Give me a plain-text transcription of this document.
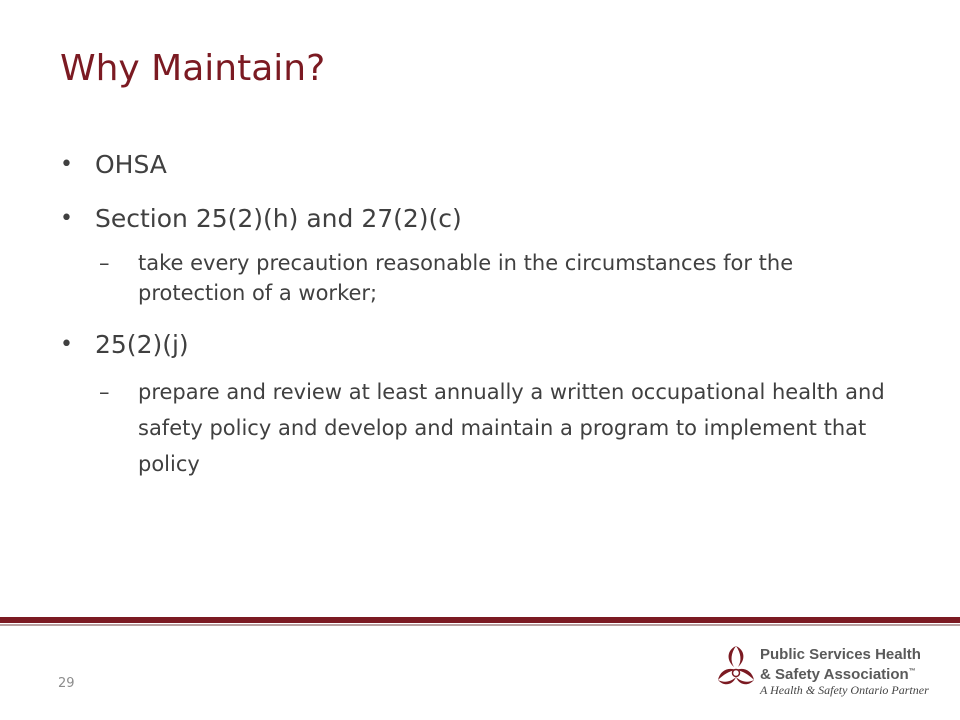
Why Maintain?
• OHSA
• Section 25(2)(h) and 27(2)(c)
– take every precaution reasonable in the circumstances for the protection of a worker;
• 25(2)(j)
– prepare and review at least annually a written occupational health and safety policy and develop and maintain a program to implement that policy
29
Public Services Health
& Safety Association™
A Health & Safety Ontario Partner
